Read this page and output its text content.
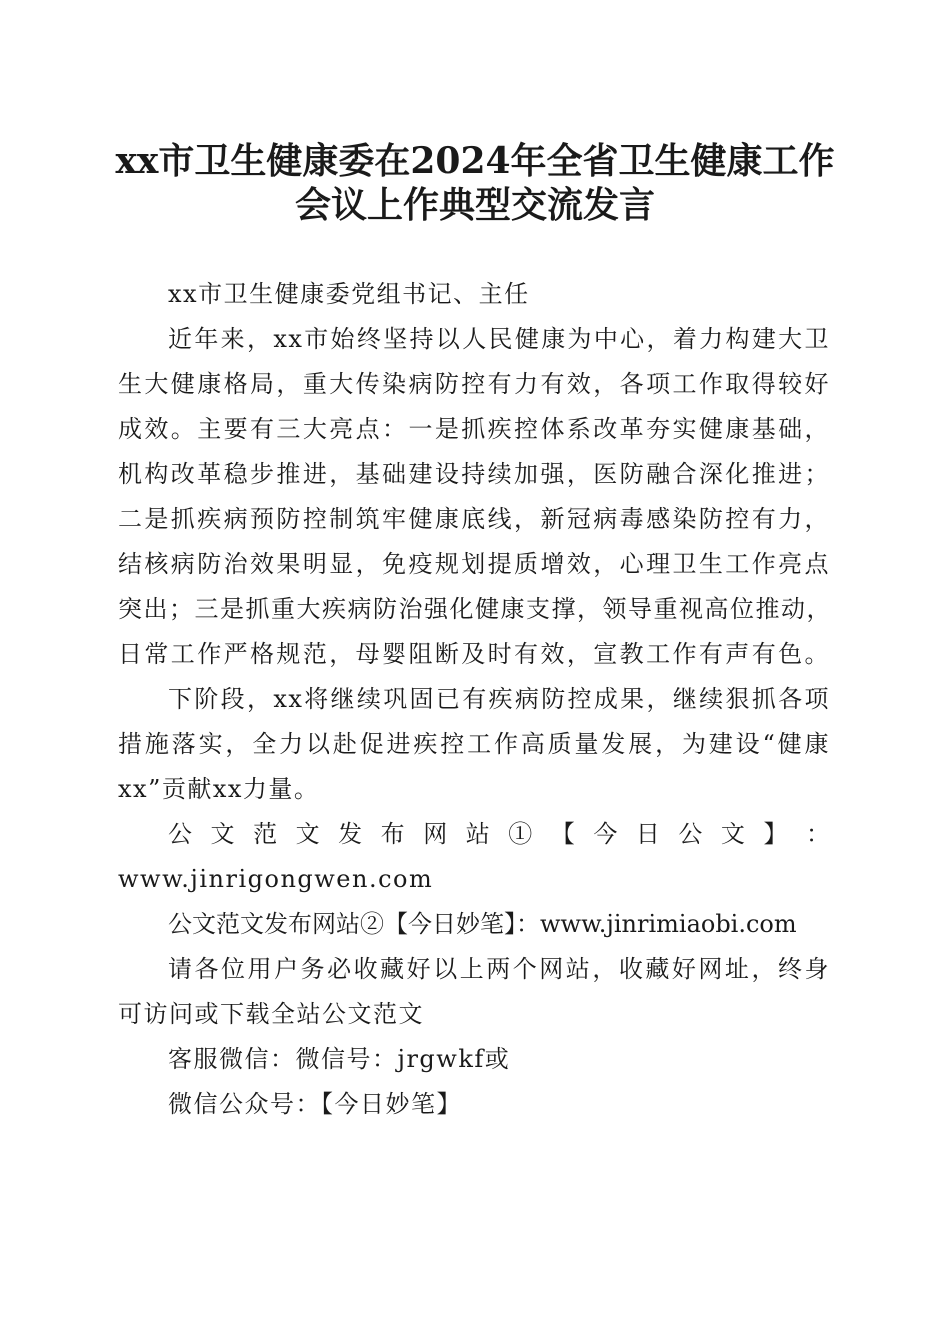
xx市卫生健康委在2024年全省卫生健康工作
会议上作典型交流发言
xx市卫生健康委党组书记、主任
近年来，xx市始终坚持以人民健康为中心，着力构建大卫
生大健康格局，重大传染病防控有力有效，各项工作取得较好
成效。主要有三大亮点：一是抓疾控体系改革夯实健康基础，
机构改革稳步推进，基础建设持续加强，医防融合深化推进；
二是抓疾病预防控制筑牢健康底线，新冠病毒感染防控有力，
结核病防治效果明显，免疫规划提质增效，心理卫生工作亮点
突出；三是抓重大疾病防治强化健康支撑，领导重视高位推动，
日常工作严格规范，母婴阻断及时有效，宣教工作有声有色。
下阶段，xx将继续巩固已有疾病防控成果，继续狠抓各项
措施落实，全力以赴促进疾控工作高质量发展，为建设“健康
xx”贡献xx力量。
公 文 范 文 发 布 网 站 ① 【 今 日 公 文 】 ：
www.jinrigongwen.com
公文范文发布网站②【今日妙笔】：www.jinrimiaobi.com
请各位用户务必收藏好以上两个网站，收藏好网址，终身
可访问或下载全站公文范文
客服微信：微信号：jrgwkf或
微信公众号：【今日妙笔】
